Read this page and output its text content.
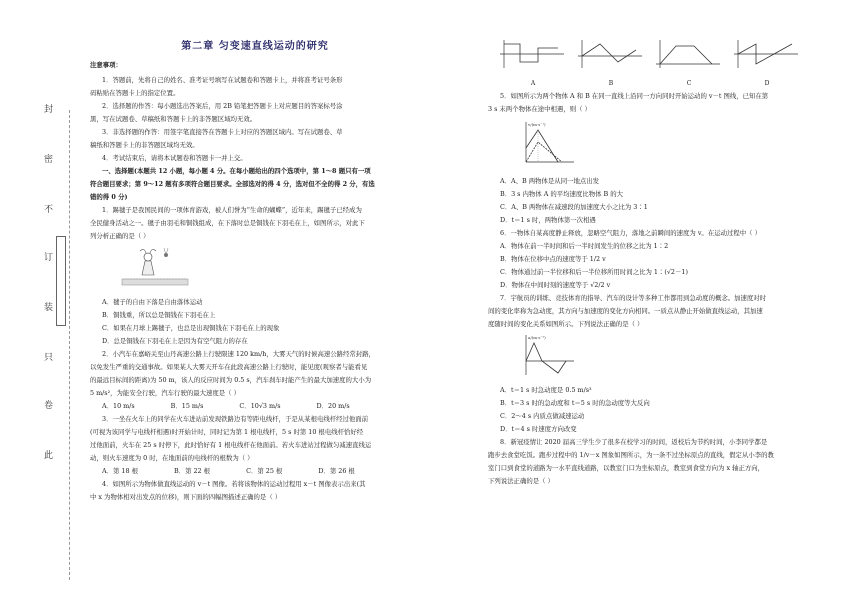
封
密
不
订
装
只
卷
此
第二章 匀变速直线运动的研究
注意事项：
1．答题前，先将自己的姓名、准考证号填写在试题卷和答题卡上，并将准考证号条形
码粘贴在答题卡上的指定位置。
2．选择题的作答：每小题选出答案后，用 2B 铅笔把答题卡上对应题目的答案标号涂
黑，写在试题卷、草稿纸和答题卡上的非答题区域均无效。
3．非选择题的作答：用签字笔直接答在答题卡上对应的答题区域内。写在试题卷、草
稿纸和答题卡上的非答题区域均无效。
4．考试结束后，请将本试题卷和答题卡一并上交。
一、选择题(本题共 12 小题，每小题 4 分。在每小题给出的四个选项中，第 1～8 题只有一项
符合题目要求；第 9～12 题有多项符合题目要求。全部选对的得 4 分，选对但不全的得 2 分，有选
错的得 0 分)
1．踢毽子是我国民间的一项体育游戏，被人们誉为“生命的蝴蝶”，近年来，踢毽子已经成为
全民健身活动之一。毽子由羽毛和铜钱组成，在下落时总是铜钱在下羽毛在上，如图所示，对此下
列分析正确的是（ ）
A．毽子的自由下落是自由落体运动
B．铜钱重，所以总是铜钱在下羽毛在上
C．如果在月球上踢毽子，也总是出现铜钱在下羽毛在上的现象
D．总是铜钱在下羽毛在上是因为有空气阻力的存在
2．小汽车在嘉峪关至山丹高速公路上行驶限速 120 km/h，大雾天气的时候高速公路经常封路，
以免发生严重的交通事故。如果某人大雾天开车在此段高速公路上行驶时，能见度(观察者与能看见
的最远目标间的距离)为 50 m，该人的反应时间为 0.5 s，汽车刹车时能产生的最大加速度的大小为
5 m/s²，为能安全行驶，汽车行驶的最大速度是（ ）
A．10 m/s	B．15 m/s	C．10√3 m/s	D．20 m/s
3．一坐在火车上的同学在火车进站前发现铁路边有等距电线杆，于是从某根电线杆经过他面前
(可视为该同学与电线杆相遇)时开始计时，同时记为第 1 根电线杆，5 s 时第 10 根电线杆恰好经
过他面前，火车在 25 s 时停下，此时恰好有 1 根电线杆在他面前。若火车进站过程做匀减速直线运
动，则火车速度为 0 时，在地面前的电线杆的根数为（ ）
A．第 18 根	B．第 22 根	C．第 25 根	D．第 26 根
4．如图所示为物体做直线运动的 v－t 图像。若将该物体的运动过程用 x－t 图像表示出来(其
中 x 为物体相对出发点的位移)，则下面的四幅图描述正确的是（ ）
A	B	C	D
5．如图所示为两个物体 A 和 B 在同一直线上沿同一方向同时开始运动的 v－t 图线，已知在第
3 s 末两个物体在途中相遇，则（ ）
v/(m·s⁻¹)
A．A、B 两物体是从同一地点出发
B．3 s 内物体 A 的平均速度比物体 B 的大
C．A、B 两物体在减速段的加速度大小之比为 3∶1
D．t＝1 s 时，两物体第一次相遇
6．一物体自某高度静止释放，忽略空气阻力，落地之前瞬间的速度为 v。在运动过程中（ ）
A．物体在前一半时间和后一半时间发生的位移之比为 1∶2
B．物体在位移中点的速度等于 1/2 v
C．物体通过前一半位移和后一半位移所用时间之比为 1∶(√2－1)
D．物体在中间时刻的速度等于 √2/2 v
7．宇航员的训练、竞技体育的指导、汽车的设计等多种工作都用到急动度的概念。加速度对时
间的变化率称为急动度，其方向与加速度的变化方向相同。一质点从静止开始做直线运动，其加速
度随时间的变化关系如图所示。下列说法正确的是（ ）
a/(m·s⁻²)
A．t＝1 s 时急动度是 0.5 m/s³
B．t＝3 s 时的急动度和 t＝5 s 时的急动度等大反向
C．2～4 s 内质点做减速运动
D．t＝4 s 时速度方向改变
8．新冠疫情让 2020 届高三学生少了很多在校学习的时间，返校后为节约时间，小李同学都是
跑步去食堂吃饭。跑步过程中的 1/v－x 图象如图所示，为一条不过坐标原点的直线，假定从小李的教
室门口到食堂的道路为一水平直线道路，以教室门口为坐标原点，教室到食堂方向为 x 轴正方向，
下列说法正确的是（ ）
